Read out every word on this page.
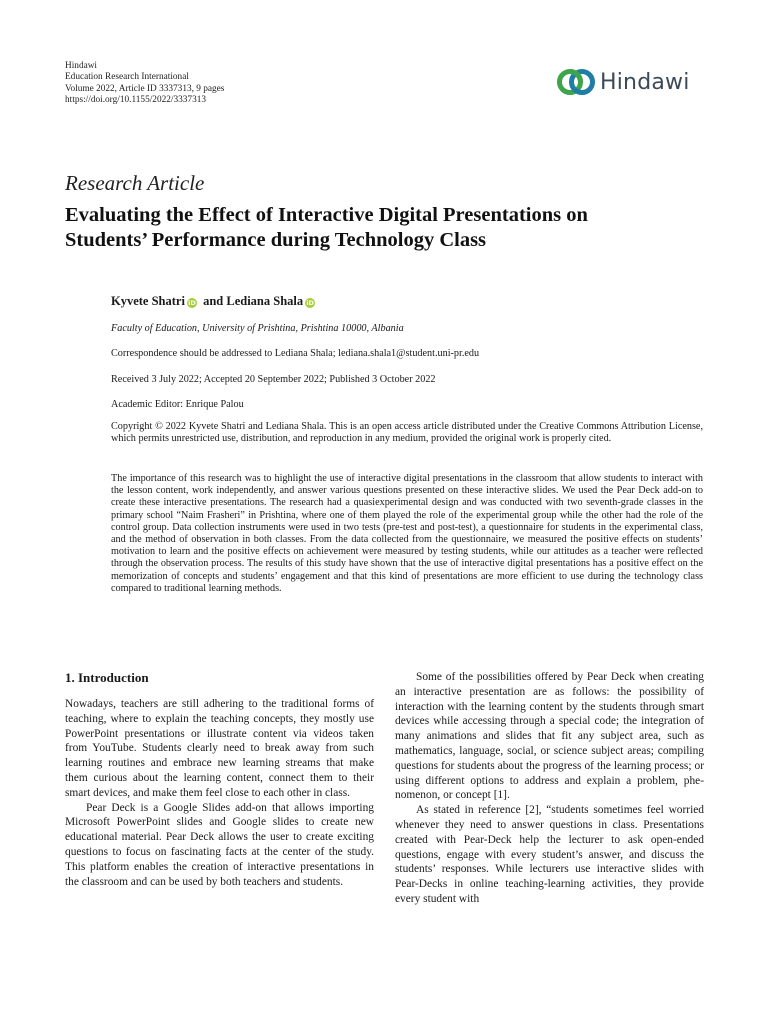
Hindawi
Education Research International
Volume 2022, Article ID 3337313, 9 pages
https://doi.org/10.1155/2022/3337313
Hindawi
Research Article
Evaluating the Effect of Interactive Digital Presentations on
Students’ Performance during Technology Class
Kyvete Shatri iD and Lediana Shala iD
Faculty of Education, University of Prishtina, Prishtina 10000, Albania
Correspondence should be addressed to Lediana Shala; lediana.shala1@student.uni-pr.edu
Received 3 July 2022; Accepted 20 September 2022; Published 3 October 2022
Academic Editor: Enrique Palou
Copyright © 2022 Kyvete Shatri and Lediana Shala. This is an open access article distributed under the Creative Commons Attribution License, which permits unrestricted use, distribution, and reproduction in any medium, provided the original work is properly cited.
The importance of this research was to highlight the use of interactive digital presentations in the classroom that allow students to interact with the lesson content, work independently, and answer various questions presented on these interactive slides. We used the Pear Deck add-on to create these interactive presentations. The research had a quasiexperimental design and was conducted with two seventh-grade classes in the primary school “Naim Frasheri” in Prishtina, where one of them played the role of the experimental group while the other had the role of the control group. Data collection instruments were used in two tests (pre-test and post-test), a questionnaire for students in the experimental class, and the method of observation in both classes. From the data collected from the questionnaire, we measured the positive effects on students’ motivation to learn and the positive effects on achievement were measured by testing students, while our attitudes as a teacher were reflected through the observation process. The results of this study have shown that the use of interactive digital presentations has a positive effect on the memorization of concepts and students’ engagement and that this kind of presentations are more efficient to use during the technology class compared to traditional learning methods.
1. Introduction

Nowadays, teachers are still adhering to the traditional forms of teaching, where to explain the teaching concepts, they mostly use PowerPoint presentations or illustrate content via videos taken from YouTube. Students clearly need to break away from such learning routines and embrace new learning streams that make them curious about the learning content, connect them to their smart devices, and make them feel close to each other in class.

Pear Deck is a Google Slides add-on that allows importing Microsoft PowerPoint slides and Google slides to create new educational material. Pear Deck allows the user to create exciting questions to focus on fascinating facts at the center of the study. This platform enables the creation of interactive presentations in the classroom and can be used by both teachers and students.

Some of the possibilities offered by Pear Deck when creating an interactive presentation are as follows: the possibility of interaction with the learning content by the students through smart devices while accessing through a special code; the integration of many animations and slides that fit any subject area, such as mathematics, language, social, or science subject areas; compiling questions for students about the progress of the learning process; or using different options to address and explain a problem, phenomenon, or concept [1].

As stated in reference [2], “students sometimes feel worried whenever they need to answer questions in class. Presentations created with Pear-Deck help the lecturer to ask open-ended questions, engage with every student’s answer, and discuss the students’ responses. While lecturers use interactive slides with Pear-Decks in online teaching-learning activities, they provide every student with
